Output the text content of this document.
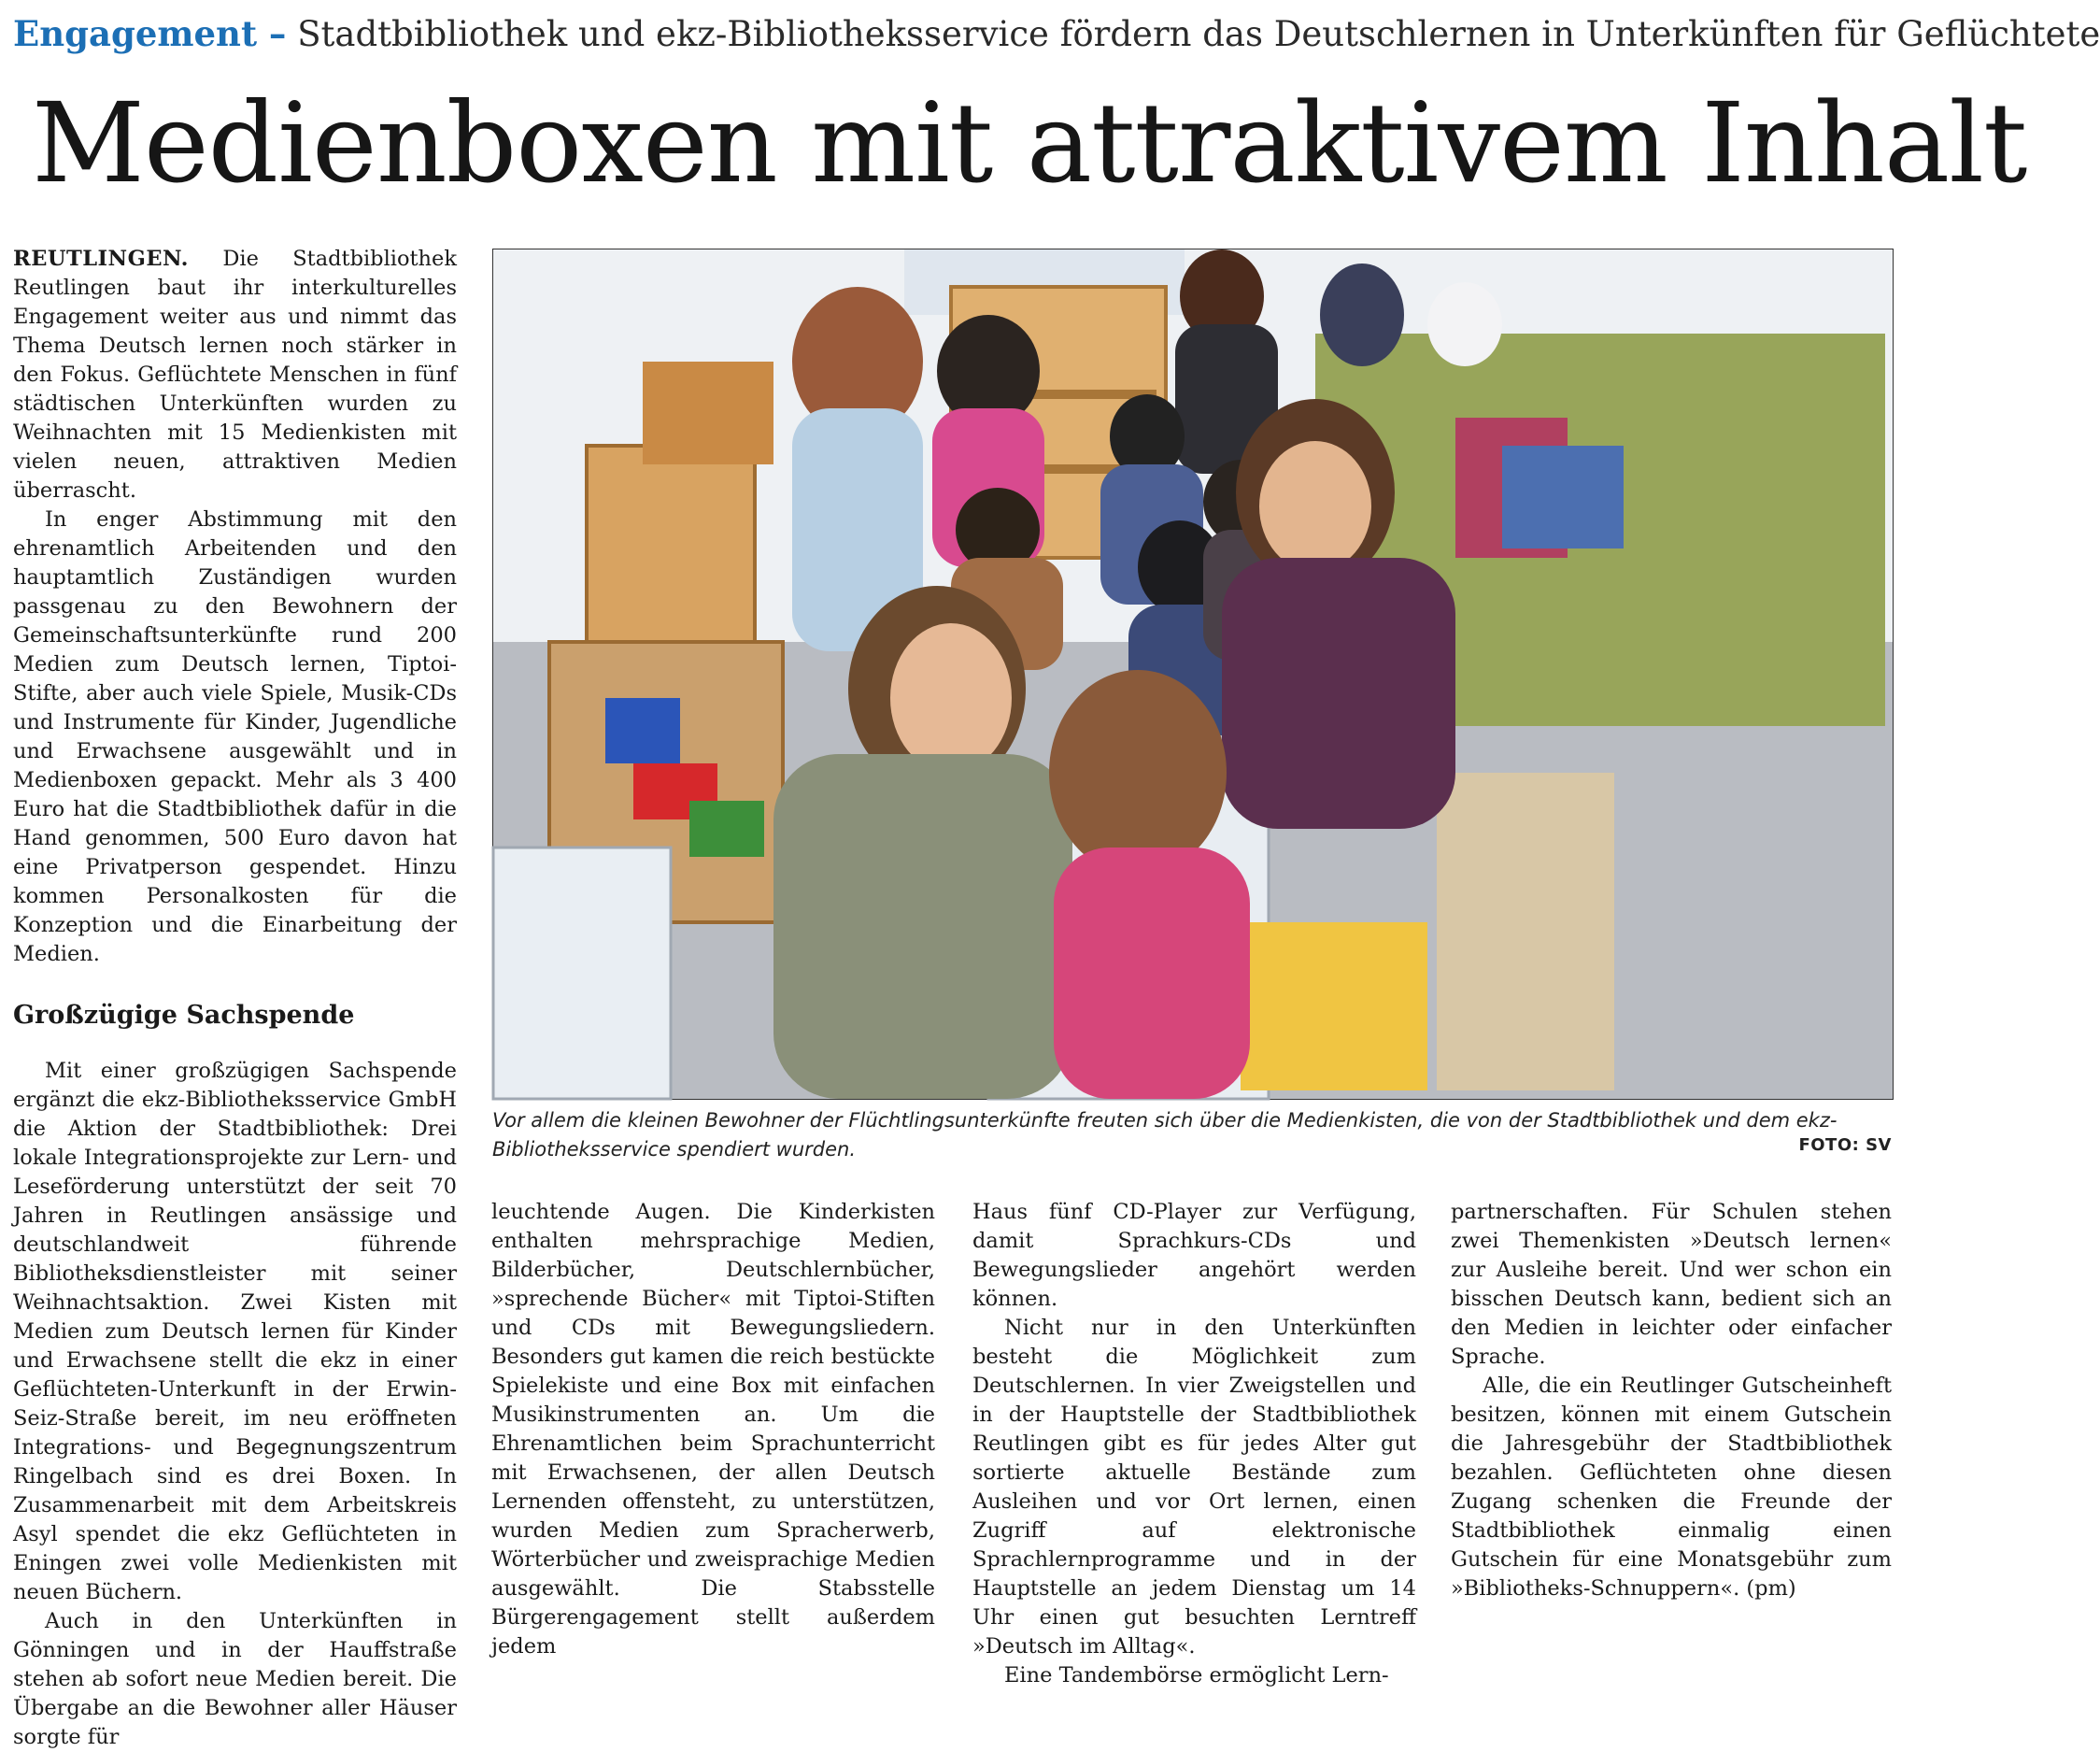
Engagement – Stadtbibliothek und ekz-Bibliotheksservice fördern das Deutschlernen in Unterkünften für Geflüchtete
Medienboxen mit attraktivem Inhalt

REUTLINGEN. Die Stadtbibliothek Reutlingen baut ihr interkulturelles Engagement weiter aus und nimmt das Thema Deutsch lernen noch stärker in den Fokus. Geflüchtete Menschen in fünf städtischen Unterkünften wurden zu Weihnachten mit 15 Medienkisten mit vielen neuen, attraktiven Medien überrascht.

In enger Abstimmung mit den ehrenamtlich Arbeitenden und den hauptamtlich Zuständigen wurden passgenau zu den Bewohnern der Gemeinschaftsunterkünfte rund 200 Medien zum Deutsch lernen, Tiptoi-Stifte, aber auch viele Spiele, Musik-CDs und Instrumente für Kinder, Jugendliche und Erwachsene ausgewählt und in Medienboxen gepackt. Mehr als 3 400 Euro hat die Stadtbibliothek dafür in die Hand genommen, 500 Euro davon hat eine Privatperson gespendet. Hinzu kommen Personalkosten für die Konzeption und die Einarbeitung der Medien.

Großzügige Sachspende

Mit einer großzügigen Sachspende ergänzt die ekz-Bibliotheksservice GmbH die Aktion der Stadtbibliothek: Drei lokale Integrationsprojekte zur Lern- und Leseförderung unterstützt der seit 70 Jahren in Reutlingen ansässige und deutschlandweit führende Bibliotheksdienstleister mit seiner Weihnachtsaktion. Zwei Kisten mit Medien zum Deutsch lernen für Kinder und Erwachsene stellt die ekz in einer Geflüchteten-Unterkunft in der Erwin-Seiz-Straße bereit, im neu eröffneten Integrations- und Begegnungszentrum Ringelbach sind es drei Boxen. In Zusammenarbeit mit dem Arbeitskreis Asyl spendet die ekz Geflüchteten in Eningen zwei volle Medienkisten mit neuen Büchern.

Auch in den Unterkünften in Gönningen und in der Hauffstraße stehen ab sofort neue Medien bereit. Die Übergabe an die Bewohner aller Häuser sorgte für

Vor allem die kleinen Bewohner der Flüchtlingsunterkünfte freuten sich über die Medienkisten, die von der Stadtbibliothek und dem ekz-Bibliotheksservice spendiert wurden.	FOTO: SV

leuchtende Augen. Die Kinderkisten enthalten mehrsprachige Medien, Bilderbücher, Deutschlernbücher, »sprechende Bücher« mit Tiptoi-Stiften und CDs mit Bewegungsliedern. Besonders gut kamen die reich bestückte Spielekiste und eine Box mit einfachen Musikinstrumenten an. Um die Ehrenamtlichen beim Sprachunterricht mit Erwachsenen, der allen Deutsch Lernenden offensteht, zu unterstützen, wurden Medien zum Spracherwerb, Wörterbücher und zweisprachige Medien ausgewählt. Die Stabsstelle Bürgerengagement stellt außerdem jedem

Haus fünf CD-Player zur Verfügung, damit Sprachkurs-CDs und Bewegungslieder angehört werden können.

Nicht nur in den Unterkünften besteht die Möglichkeit zum Deutschlernen. In vier Zweigstellen und in der Hauptstelle der Stadtbibliothek Reutlingen gibt es für jedes Alter gut sortierte aktuelle Bestände zum Ausleihen und vor Ort lernen, einen Zugriff auf elektronische Sprachlernprogramme und in der Hauptstelle an jedem Dienstag um 14 Uhr einen gut besuchten Lerntreff »Deutsch im Alltag«.

Eine Tandembörse ermöglicht Lern-

partnerschaften. Für Schulen stehen zwei Themenkisten »Deutsch lernen« zur Ausleihe bereit. Und wer schon ein bisschen Deutsch kann, bedient sich an den Medien in leichter oder einfacher Sprache.

Alle, die ein Reutlinger Gutscheinheft besitzen, können mit einem Gutschein die Jahresgebühr der Stadtbibliothek bezahlen. Geflüchteten ohne diesen Zugang schenken die Freunde der Stadtbibliothek einmalig einen Gutschein für eine Monatsgebühr zum »Bibliotheks-Schnuppern«. (pm)
